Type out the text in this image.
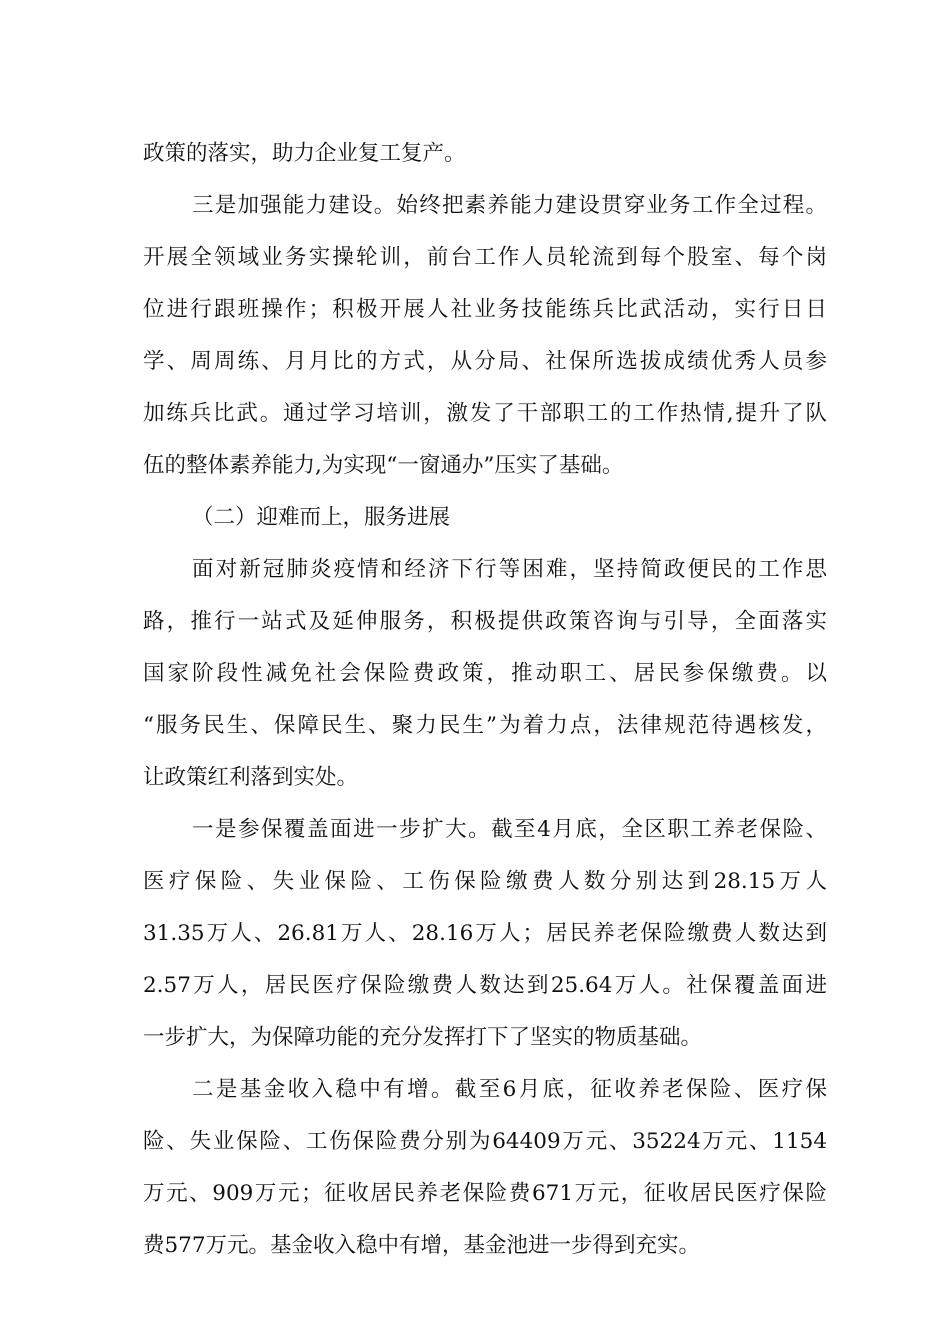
政策的落实，助力企业复工复产。
三是加强能力建设。始终把素养能力建设贯穿业务工作全过程。
开展全领域业务实操轮训，前台工作人员轮流到每个股室、每个岗
位进行跟班操作；积极开展人社业务技能练兵比武活动，实行日日
学、周周练、月月比的方式，从分局、社保所选拔成绩优秀人员参
加练兵比武。通过学习培训，激发了干部职工的工作热情,提升了队
伍的整体素养能力,为实现“一窗通办”压实了基础。
（二）迎难而上，服务进展
面对新冠肺炎疫情和经济下行等困难，坚持简政便民的工作思
路，推行一站式及延伸服务，积极提供政策咨询与引导，全面落实
国家阶段性减免社会保险费政策，推动职工、居民参保缴费。以
“服务民生、保障民生、聚力民生”为着力点，法律规范待遇核发，
让政策红利落到实处。
一是参保覆盖面进一步扩大。截至4月底，全区职工养老保险、
医疗保险、失业保险、工伤保险缴费人数分别达到28.15万人
31.35万人、26.81万人、28.16万人；居民养老保险缴费人数达到
2.57万人，居民医疗保险缴费人数达到25.64万人。社保覆盖面进
一步扩大，为保障功能的充分发挥打下了坚实的物质基础。
二是基金收入稳中有增。截至6月底，征收养老保险、医疗保
险、失业保险、工伤保险费分别为64409万元、35224万元、1154
万元、909万元；征收居民养老保险费671万元，征收居民医疗保险
费577万元。基金收入稳中有增，基金池进一步得到充实。
